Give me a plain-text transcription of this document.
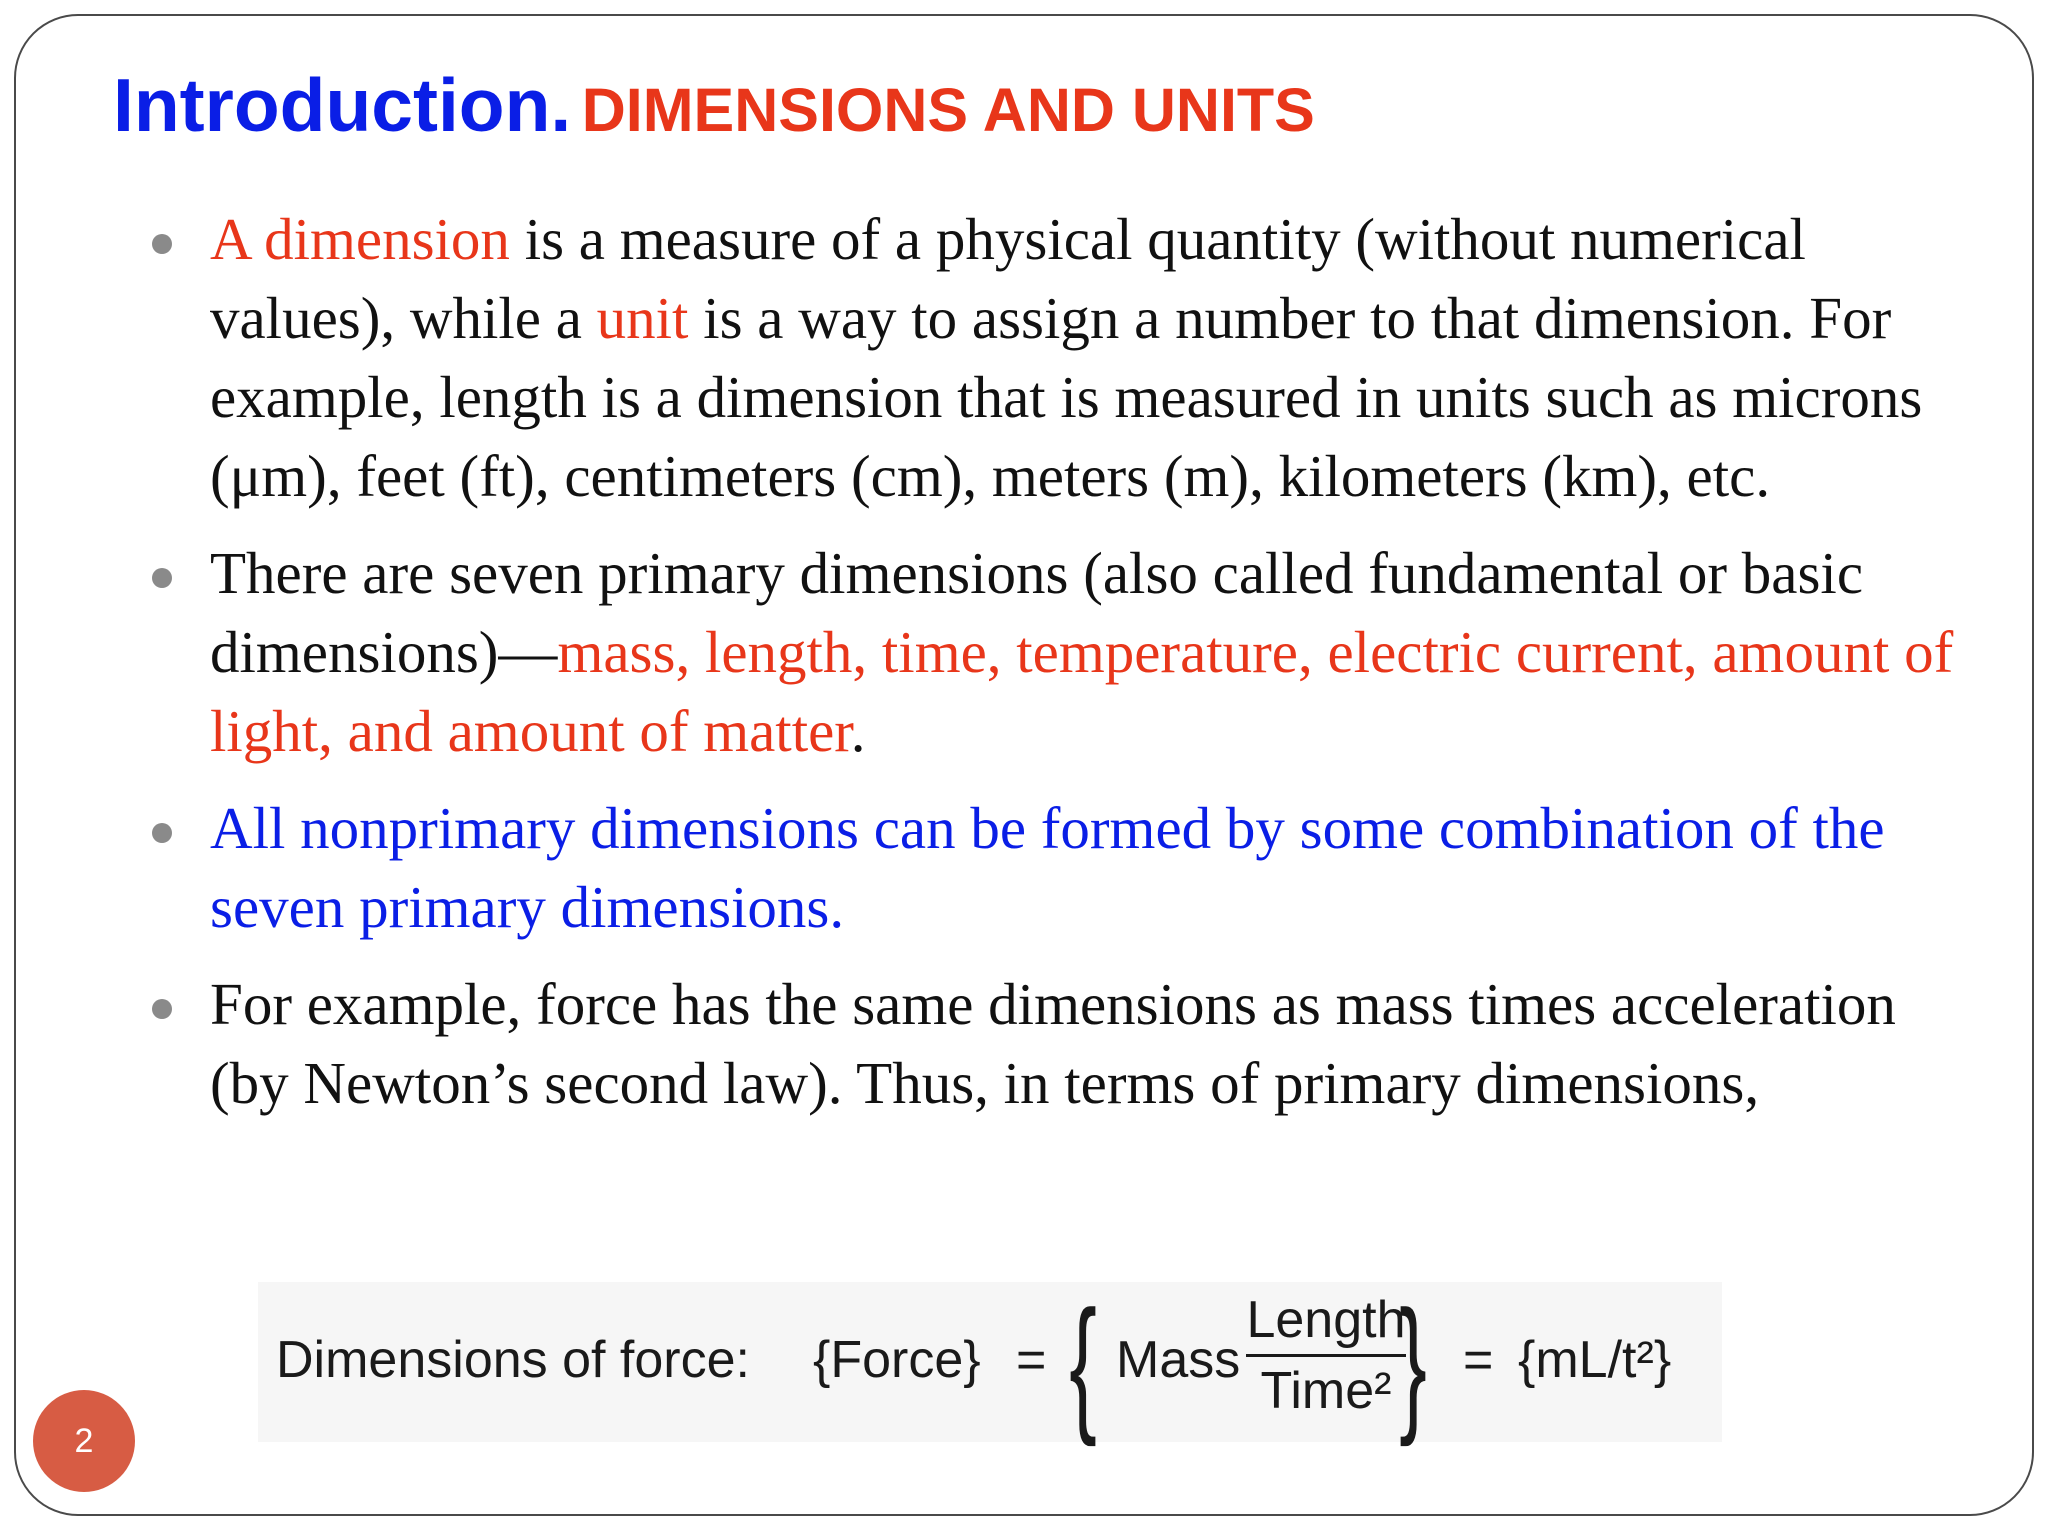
Introduction. DIMENSIONS AND UNITS
A dimension is a measure of a physical quantity (without numerical values), while a unit is a way to assign a number to that dimension. For example, length is a dimension that is measured in units such as microns (μm), feet (ft), centimeters (cm), meters (m), kilometers (km), etc.
There are seven primary dimensions (also called fundamental or basic dimensions)—mass, length, time, temperature, electric current, amount of light, and amount of matter.
All nonprimary dimensions can be formed by some combination of the seven primary dimensions.
For example, force has the same dimensions as mass times acceleration (by Newton’s second law). Thus, in terms of primary dimensions,
Dimensions of force: {Force} = { Mass
Length
Time² } = {mL/t²}
2
